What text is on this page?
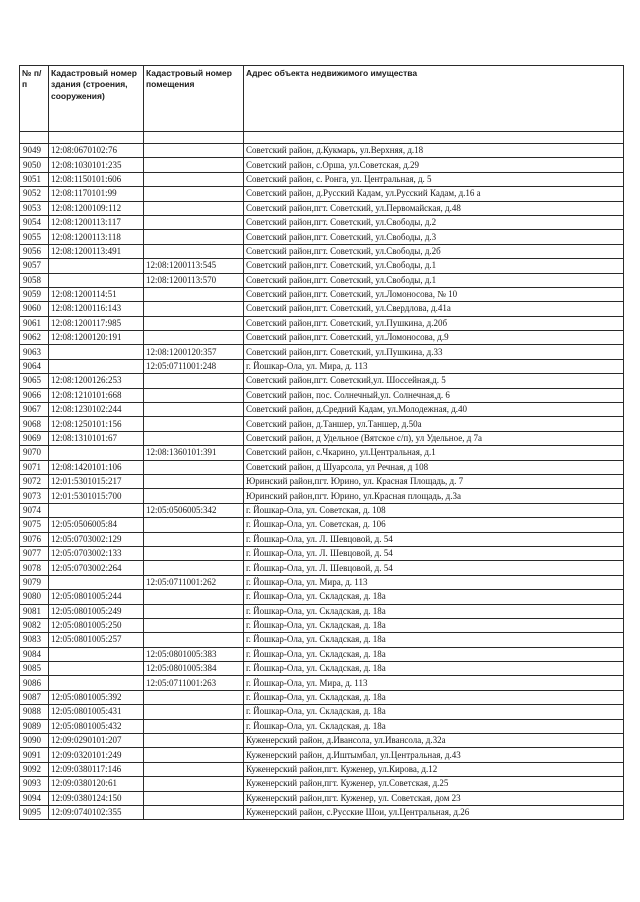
№ п/п	Кадастровый номер здания (строения, сооружения)	Кадастровый номер помещения	Адрес объекта недвижимого имущества

9049	12:08:0670102:76		Советский район, д.Кукмарь, ул.Верхняя, д.18
9050	12:08:1030101:235		Советский район, с.Орша, ул.Советская, д.29
9051	12:08:1150101:606		Советский район, с. Ронга, ул. Центральная, д. 5
9052	12:08:1170101:99		Советский район, д.Русский Кадам, ул.Русский Кадам, д.16 а
9053	12:08:1200109:112		Советский район,пгт. Советский, ул.Первомайская, д.48
9054	12:08:1200113:117		Советский район,пгт. Советский, ул.Свободы, д.2
9055	12:08:1200113:118		Советский район,пгт. Советский, ул.Свободы, д.3
9056	12:08:1200113:491		Советский район,пгт. Советский, ул.Свободы, д.2б
9057		12:08:1200113:545	Советский район,пгт. Советский, ул.Свободы, д.1
9058		12:08:1200113:570	Советский район,пгт. Советский, ул.Свободы, д.1
9059	12:08:1200114:51		Советский район,пгт. Советский, ул.Ломоносова, № 10
9060	12:08:1200116:143		Советский район,пгт. Советский, ул.Свердлова, д.41а
9061	12:08:1200117:985		Советский район,пгт. Советский, ул.Пушкина, д.20б
9062	12:08:1200120:191		Советский район,пгт. Советский, ул.Ломоносова, д.9
9063		12:08:1200120:357	Советский район,пгт. Советский, ул.Пушкина, д.33
9064		12:05:0711001:248	г. Йошкар-Ола, ул. Мира, д. 113
9065	12:08:1200126:253		Советский район,пгт. Советский,ул. Шоссейная,д. 5
9066	12:08:1210101:668		Советский район, пос. Солнечный,ул. Солнечная,д. 6
9067	12:08:1230102:244		Советский район, д.Средний Кадам, ул.Молодежная, д.40
9068	12:08:1250101:156		Советский район, д.Таншер, ул.Таншер, д.50а
9069	12:08:1310101:67		Советский район, д Удельное (Вятское с/п), ул Удельное, д 7а
9070		12:08:1360101:391	Советский район, с.Чкарино, ул.Центральная, д.1
9071	12:08:1420101:106		Советский район, д Шуарсола, ул Речная, д 108
9072	12:01:5301015:217		Юринский район,пгт. Юрино, ул. Красная Площадь, д. 7
9073	12:01:5301015:700		Юринский район,пгт. Юрино, ул.Красная площадь, д.3а
9074		12:05:0506005:342	г. Йошкар-Ола, ул. Советская, д. 108
9075	12:05:0506005:84		г. Йошкар-Ола, ул. Советская, д. 106
9076	12:05:0703002:129		г. Йошкар-Ола, ул. Л. Шевцовой, д. 54
9077	12:05:0703002:133		г. Йошкар-Ола, ул. Л. Шевцовой, д. 54
9078	12:05:0703002:264		г. Йошкар-Ола, ул. Л. Шевцовой, д. 54
9079		12:05:0711001:262	г. Йошкар-Ола, ул. Мира, д. 113
9080	12:05:0801005:244		г. Йошкар-Ола, ул. Складская, д. 18а
9081	12:05:0801005:249		г. Йошкар-Ола, ул. Складская, д. 18а
9082	12:05:0801005:250		г. Йошкар-Ола, ул. Складская, д. 18а
9083	12:05:0801005:257		г. Йошкар-Ола, ул. Складская, д. 18а
9084		12:05:0801005:383	г. Йошкар-Ола, ул. Складская, д. 18а
9085		12:05:0801005:384	г. Йошкар-Ола, ул. Складская, д. 18а
9086		12:05:0711001:263	г. Йошкар-Ола, ул. Мира, д. 113
9087	12:05:0801005:392		г. Йошкар-Ола, ул. Складская, д. 18а
9088	12:05:0801005:431		г. Йошкар-Ола, ул. Складская, д. 18а
9089	12:05:0801005:432		г. Йошкар-Ола, ул. Складская, д. 18а
9090	12:09:0290101:207		Куженерский район, д.Ивансола, ул.Ивансола, д.32а
9091	12:09:0320101:249		Куженерский район, д.Иштымбал, ул.Центральная, д.43
9092	12:09:0380117:146		Куженерский район,пгт. Куженер, ул.Кирова, д.12
9093	12:09:0380120:61		Куженерский район,пгт. Куженер, ул.Советская, д.25
9094	12:09:0380124:150		Куженерский район,пгт. Куженер, ул. Советская, дом 23
9095	12:09:0740102:355		Куженерский район, с.Русские Шои, ул.Центральная, д.26
